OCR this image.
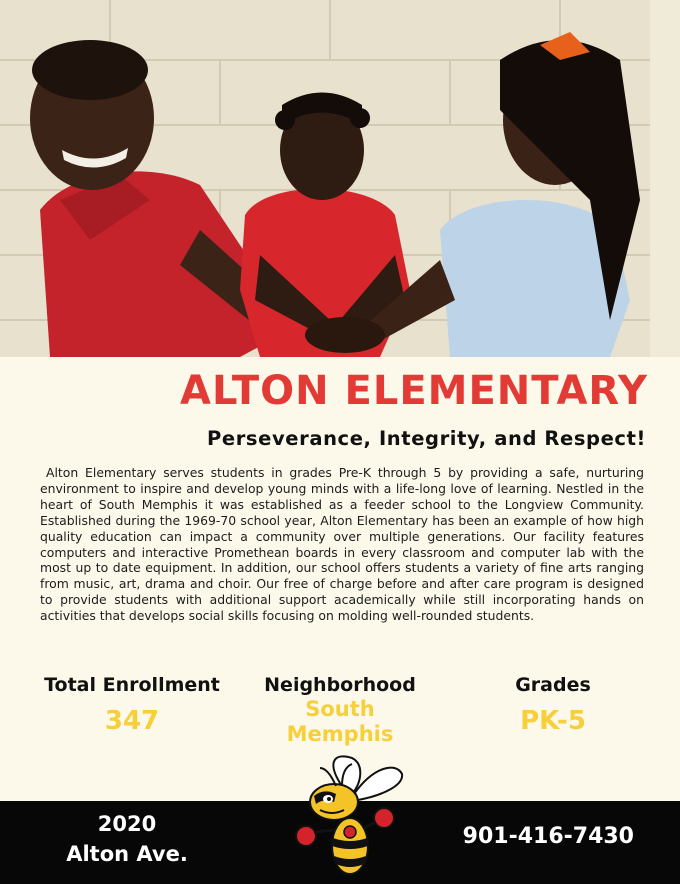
ALTON ELEMENTARY
Perseverance, Integrity, and Respect!

Alton Elementary serves students in grades Pre-K through 5 by providing a safe, nurturing environment to inspire and develop young minds with a life-long love of learning. Nestled in the heart of South Memphis it was established as a feeder school to the Longview Community. Established during the 1969-70 school year, Alton Elementary has been an example of how high quality education can impact a community over multiple generations. Our facility features computers and interactive Promethean boards in every classroom and computer lab with the most up to date equipment. In addition, our school offers students a variety of fine arts ranging from music, art, drama and choir. Our free of charge before and after care program is designed to provide students with additional support academically while still incorporating hands on activities that develops social skills focusing on molding well-rounded students.

Total Enrollment
347
Neighborhood
South
Memphis
Grades
PK-5
2020
Alton Ave.
901-416-7430
